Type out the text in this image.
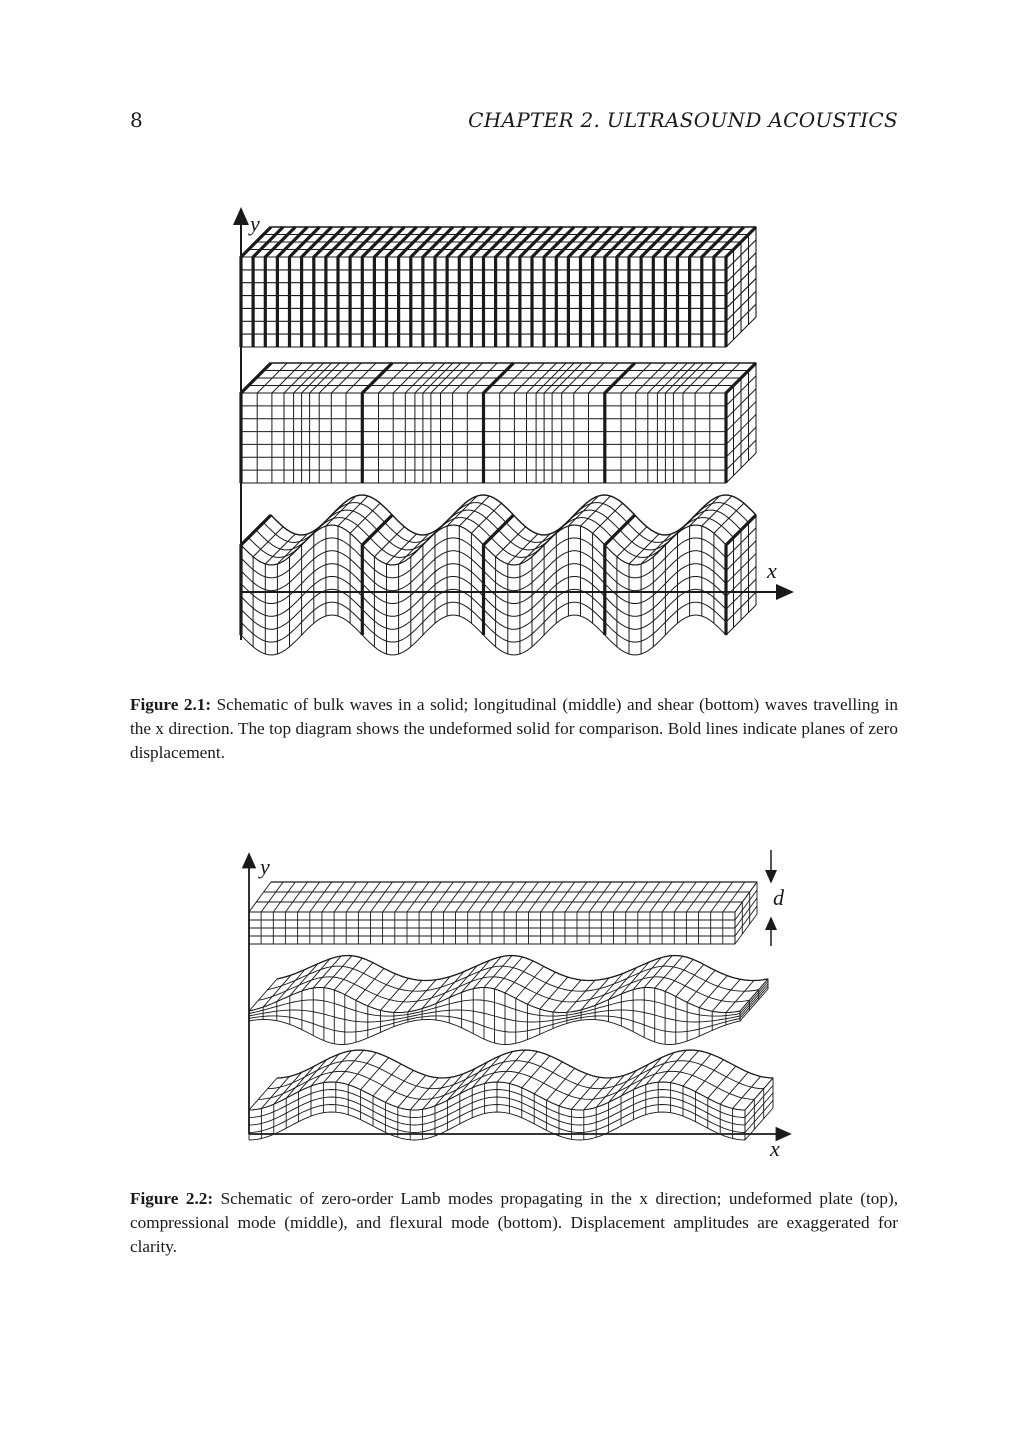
8	CHAPTER 2. ULTRASOUND ACOUSTICS
y
x
Figure 2.1: Schematic of bulk waves in a solid; longitudinal (middle) and shear (bottom) waves travelling in the x direction. The top diagram shows the undeformed solid for comparison. Bold lines indicate planes of zero displacement.
y
x
d
Figure 2.2: Schematic of zero-order Lamb modes propagating in the x direction; undeformed plate (top), compressional mode (middle), and flexural mode (bottom). Displacement amplitudes are exaggerated for clarity.
